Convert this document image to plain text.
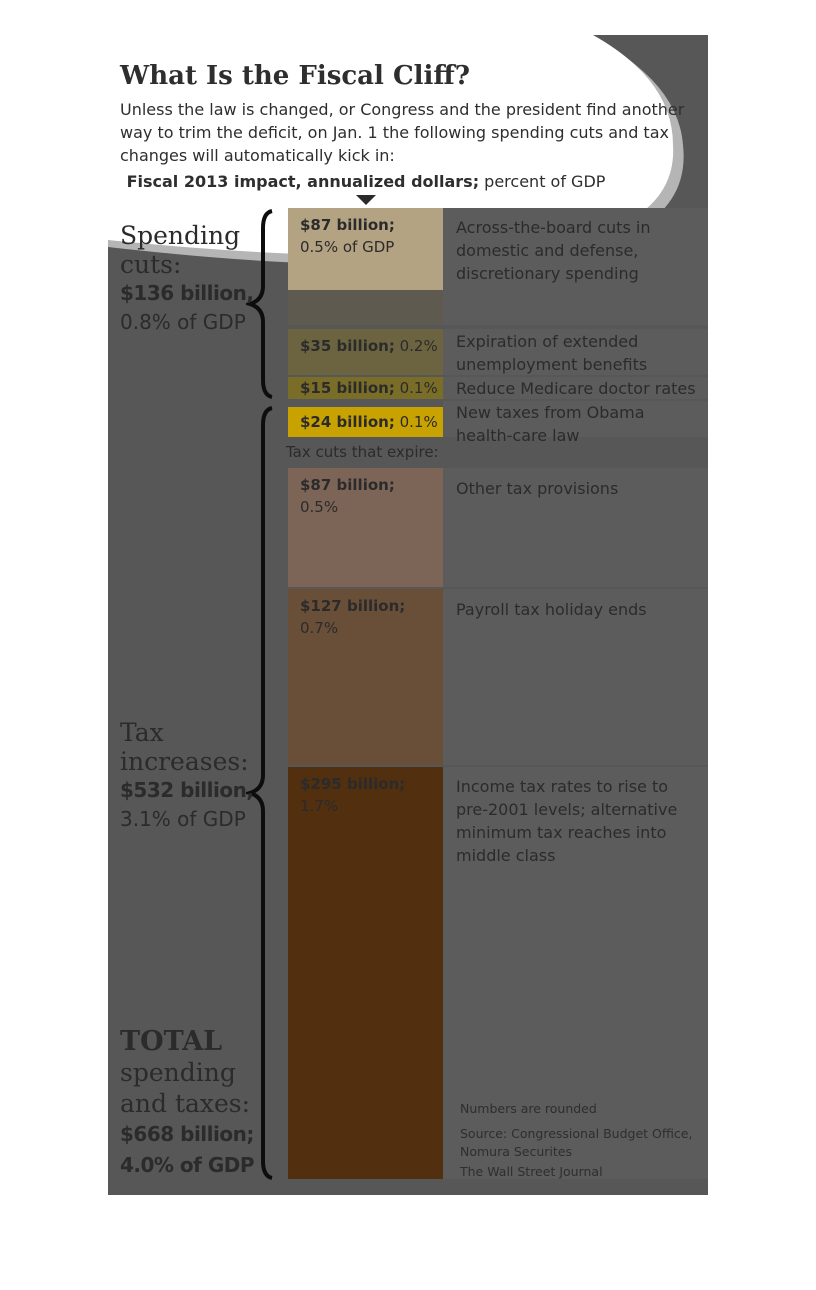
What Is the Fiscal Cliff?

Unless the law is changed, or Congress and the president find another way to trim the deficit, on Jan. 1 the following spending cuts and tax changes will automatically kick in:

Fiscal 2013 impact, annualized dollars; percent of GDP
$87 billion;
0.5% of GDP
$35 billion; 0.2%
$15 billion; 0.1%
$24 billion; 0.1%
Tax cuts that expire:
$87 billion;
0.5%
$127 billion;
0.7%
$295 billion;
1.7%
Across-the-board cuts in domestic and defense, discretionary spending
Expiration of extended unemployment benefits
Reduce Medicare doctor rates
New taxes from Obama health-care law
Other tax provisions
Payroll tax holiday ends
Income tax rates to rise to pre-2001 levels; alternative minimum tax reaches into middle class
Spending
cuts:
$136 billion,
0.8% of GDP
Tax
increases:
$532 billion,
3.1% of GDP
TOTAL
spending
and taxes:
$668 billion;
4.0% of GDP
Numbers are rounded
Source: Congressional Budget Office, Nomura Securites
The Wall Street Journal
